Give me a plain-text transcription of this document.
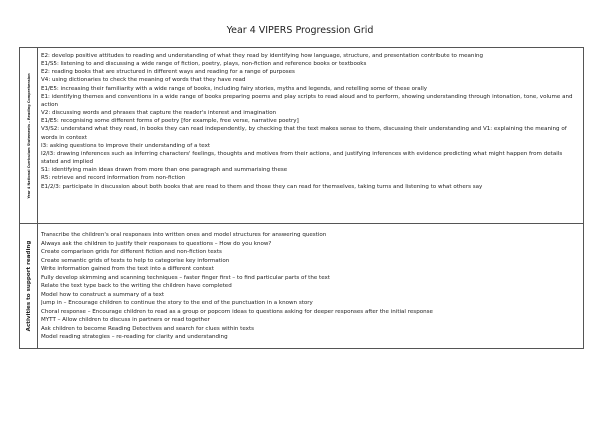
Year 4 VIPERS Progression Grid
Year 4 National Curriculum Statements – Reading Comprehension
E2: develop positive attitudes to reading and understanding of what they read by identifying how language, structure, and presentation contribute to meaning
E1/S5: listening to and discussing a wide range of fiction, poetry, plays, non-fiction and reference books or textbooks
E2: reading books that are structured in different ways and reading for a range of purposes
V4: using dictionaries to check the meaning of words that they have read
E1/E5: increasing their familiarity with a wide range of books, including fairy stories, myths and legends, and retelling some of these orally
E1: identifying themes and conventions in a wide range of books preparing poems and play scripts to read aloud and to perform, showing understanding through intonation, tone, volume and action
V2: discussing words and phrases that capture the reader's interest and imagination
E1/E5: recognising some different forms of poetry [for example, free verse, narrative poetry]
V3/S2: understand what they read, in books they can read independently, by checking that the text makes sense to them, discussing their understanding and V1: explaining the meaning of words in context
I3: asking questions to improve their understanding of a text
I2/I3: drawing inferences such as inferring characters' feelings, thoughts and motives from their actions, and justifying inferences with evidence predicting what might happen from details stated and implied
S1: identifying main ideas drawn from more than one paragraph and summarising these
R5: retrieve and record information from non-fiction
E1/2/3: participate in discussion about both books that are read to them and those they can read for themselves, taking turns and listening to what others say
Activities to support reading
Transcribe the children's oral responses into written ones and model structures for answering question
Always ask the children to justify their responses to questions – How do you know?
Create comparison grids for different fiction and non-fiction texts
Create semantic grids of texts to help to categorise key information
Write information gained from the text into a different context
Fully develop skimming and scanning techniques – faster finger first – to find particular parts of the text
Relate the text type back to the writing the children have completed
Model how to construct a summary of a text
Jump in – Encourage children to continue the story to the end of the punctuation in a known story
Choral response – Encourage children to read as a group or popcorn ideas to questions asking for deeper responses after the initial response
MYTT – Allow children to discuss in partners or read together
Ask children to become Reading Detectives and search for clues within texts
Model reading strategies – re-reading for clarity and understanding
